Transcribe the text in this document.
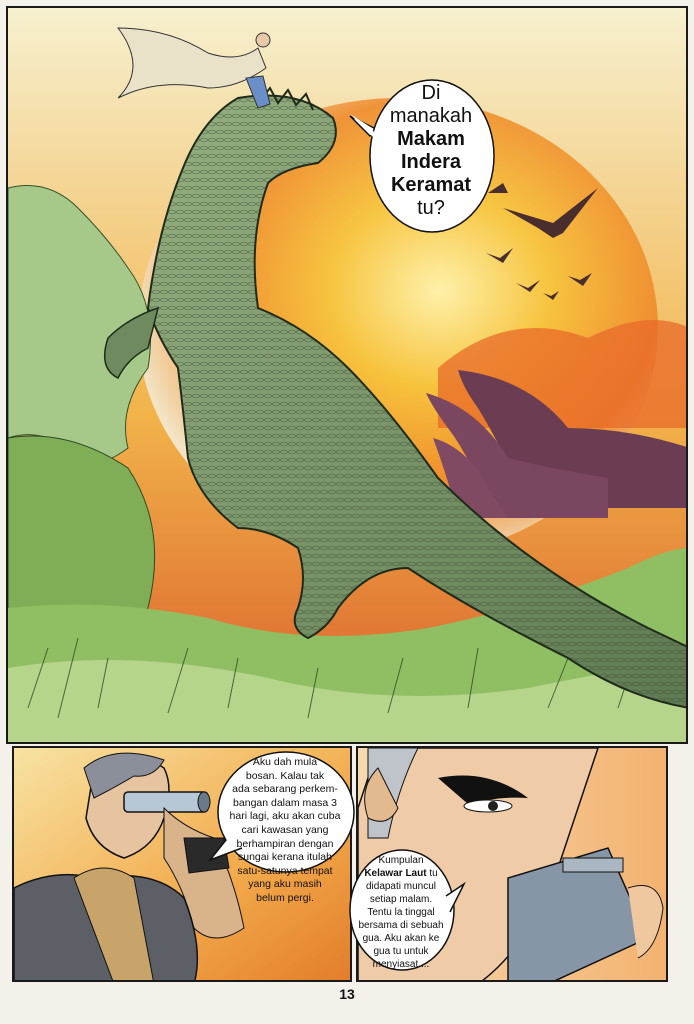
Di
manakah
Makam
Indera
Keramat
tu?
Aku dah mula
bosan. Kalau tak
ada sebarang perkem-
bangan dalam masa 3
hari lagi, aku akan cuba
cari kawasan yang
berhampiran dengan
sungai kerana itulah
satu-satunya tempat
yang aku masih
belum pergi.
Kumpulan
Kelawar Laut tu
didapati muncul
setiap malam.
Tentu la tinggal
bersama di sebuah
gua. Aku akan ke
gua tu untuk
menyiasat....
13
